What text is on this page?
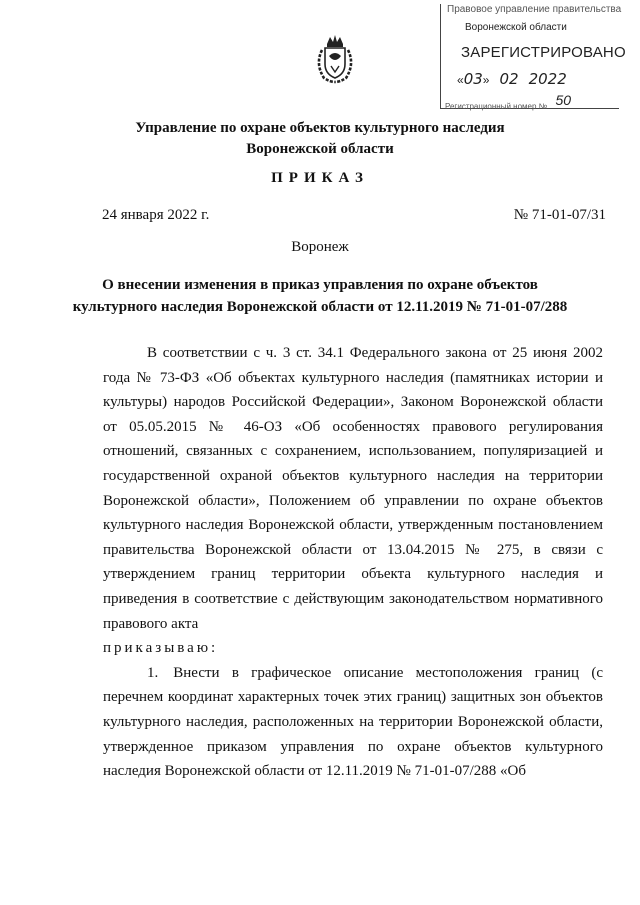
Правовое управление правительства
Воронежской области
ЗАРЕГИСТРИРОВАНО
«03»   02 2022
Регистрационный номер № 50
Управление по охране объектов культурного наследия
Воронежской области
ПРИКАЗ
24 января 2022 г.	№ 71-01-07/31
Воронеж
О внесении изменения в приказ управления по охране объектов
культурного наследия Воронежской области от 12.11.2019 № 71-01-07/288

В соответствии с ч. 3 ст. 34.1 Федерального закона от 25 июня 2002 года № 73-ФЗ «Об объектах культурного наследия (памятниках истории и культуры) народов Российской Федерации», Законом Воронежской области от 05.05.2015 № 46-ОЗ «Об особенностях правового регулирования отношений, связанных с сохранением, использованием, популяризацией и государственной охраной объектов культурного наследия на территории Воронежской области», Положением об управлении по охране объектов культурного наследия Воронежской области, утвержденным постановлением правительства Воронежской области от 13.04.2015 № 275, в связи с утверждением границ территории объекта культурного наследия и приведения в соответствие с действующим законодательством нормативного правового акта

приказываю:

1. Внести в графическое описание местоположения границ (с перечнем координат характерных точек этих границ) защитных зон объектов культурного наследия, расположенных на территории Воронежской области, утвержденное приказом управления по охране объектов культурного наследия Воронежской области от 12.11.2019 № 71-01-07/288 «Об
